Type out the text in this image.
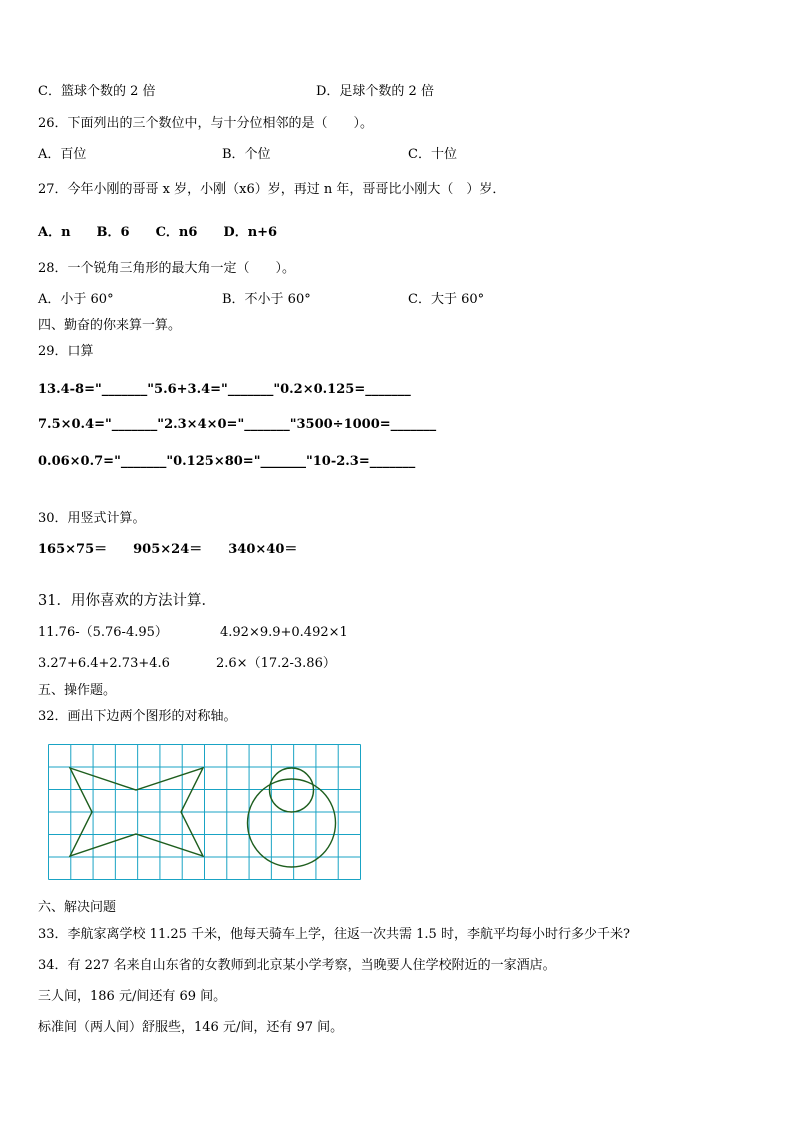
C．篮球个数的 2 倍	D．足球个数的 2 倍
26．下面列出的三个数位中，与十分位相邻的是（　　）。
A．百位	B．个位	C．十位
27．今年小刚的哥哥 x 岁，小刚（x6）岁，再过 n 年，哥哥比小刚大（　）岁．
A．n　　B．6　　C．n6　　D．n+6
28．一个锐角三角形的最大角一定（　　）。
A．小于 60°	B．不小于 60°	C．大于 60°
四、勤奋的你来算一算。
29．口算
13.4-8="_______"5.6+3.4="_______"0.2×0.125=_______
7.5×0.4="_______"2.3×4×0="_______"3500÷1000=_______
0.06×0.7="_______"0.125×80="_______"10-2.3=_______
30．用竖式计算。
165×75＝　　905×24＝　　340×40＝
31．用你喜欢的方法计算．
11.76-（5.76-4.95）	4.92×9.9+0.492×1
3.27+6.4+2.73+4.6	2.6×（17.2-3.86）
五、操作题。
32．画出下边两个图形的对称轴。
六、解决问题
33．李航家离学校 11.25 千米，他每天骑车上学，往返一次共需 1.5 时，李航平均每小时行多少千米?
34．有 227 名来自山东省的女教师到北京某小学考察，当晚要人住学校附近的一家酒店。
三人间，186 元/间还有 69 间。
标准间（两人间）舒服些，146 元/间，还有 97 间。
